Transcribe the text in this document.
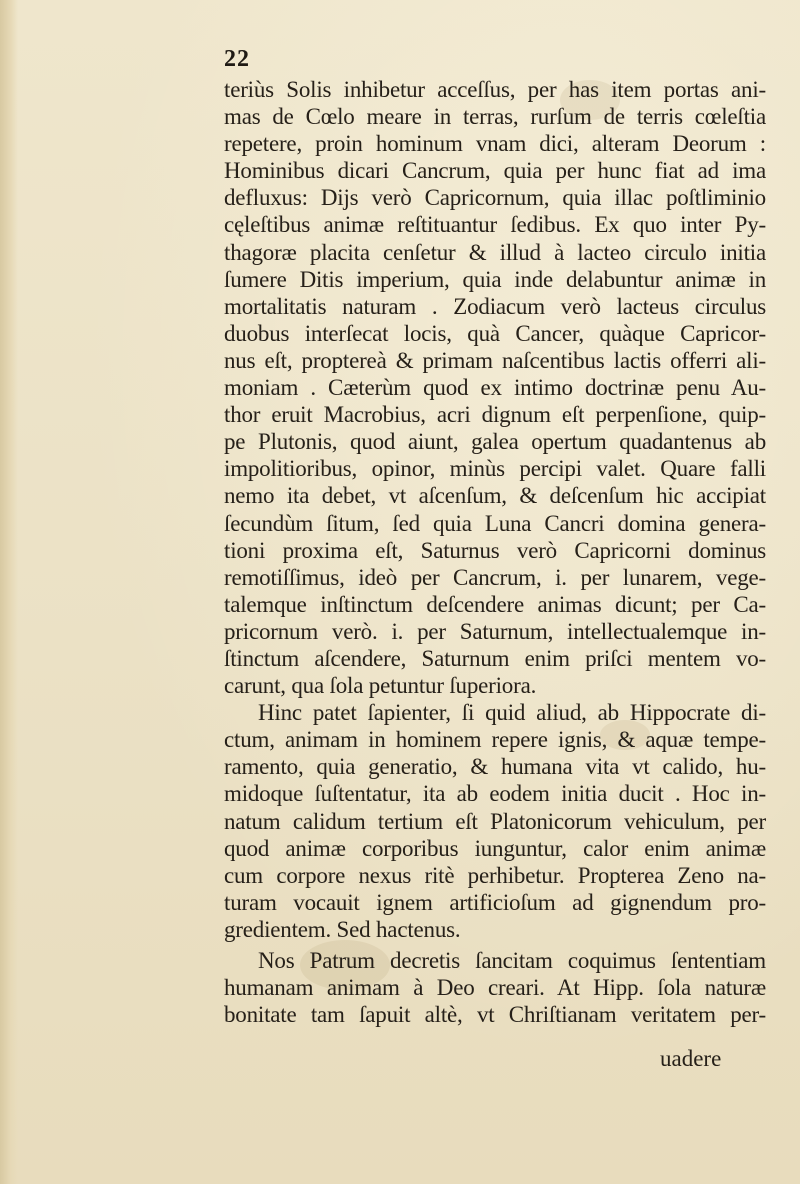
22
teriùs Solis inhibetur acceſſus, per has item portas ani-
mas de Cœlo meare in terras, rurſum de terris cœleſtia
repetere, proin hominum vnam dici, alteram Deorum :
Hominibus dicari Cancrum, quia per hunc fiat ad ima
defluxus: Dijs verò Capricornum, quia illac poſtliminio
cęleſtibus animæ reſtituantur ſedibus. Ex quo inter Py-
thagoræ placita cenſetur & illud à lacteo circulo initia
ſumere Ditis imperium, quia inde delabuntur animæ in
mortalitatis naturam . Zodiacum verò lacteus circulus
duobus interſecat locis, quà Cancer, quàque Capricor-
nus eſt, proptereà & primam naſcentibus lactis offerri ali-
moniam . Cæterùm quod ex intimo doctrinæ penu Au-
thor eruit Macrobius, acri dignum eſt perpenſione, quip-
pe Plutonis, quod aiunt, galea opertum quadantenus ab
impolitioribus, opinor, minùs percipi valet. Quare falli
nemo ita debet, vt aſcenſum, & deſcenſum hic accipiat
ſecundùm ſitum, ſed quia Luna Cancri domina genera-
tioni proxima eſt, Saturnus verò Capricorni dominus
remotiſſimus, ideò per Cancrum, i. per lunarem, vege-
talemque inſtinctum deſcendere animas dicunt; per Ca-
pricornum verò. i. per Saturnum, intellectualemque in-
ſtinctum aſcendere, Saturnum enim priſci mentem vo-
carunt, qua ſola petuntur ſuperiora.
Hinc patet ſapienter, ſi quid aliud, ab Hippocrate di-
ctum, animam in hominem repere ignis, & aquæ tempe-
ramento, quia generatio, & humana vita vt calido, hu-
midoque ſuſtentatur, ita ab eodem initia ducit . Hoc in-
natum calidum tertium eſt Platonicorum vehiculum, per
quod animæ corporibus iunguntur, calor enim animæ
cum corpore nexus ritè perhibetur. Propterea Zeno na-
turam vocauit ignem artificioſum ad gignendum pro-
gredientem. Sed hactenus.
Nos Patrum decretis ſancitam coquimus ſententiam
humanam animam à Deo creari. At Hipp. ſola naturæ
bonitate tam ſapuit altè, vt Chriſtianam veritatem per-
uadere
